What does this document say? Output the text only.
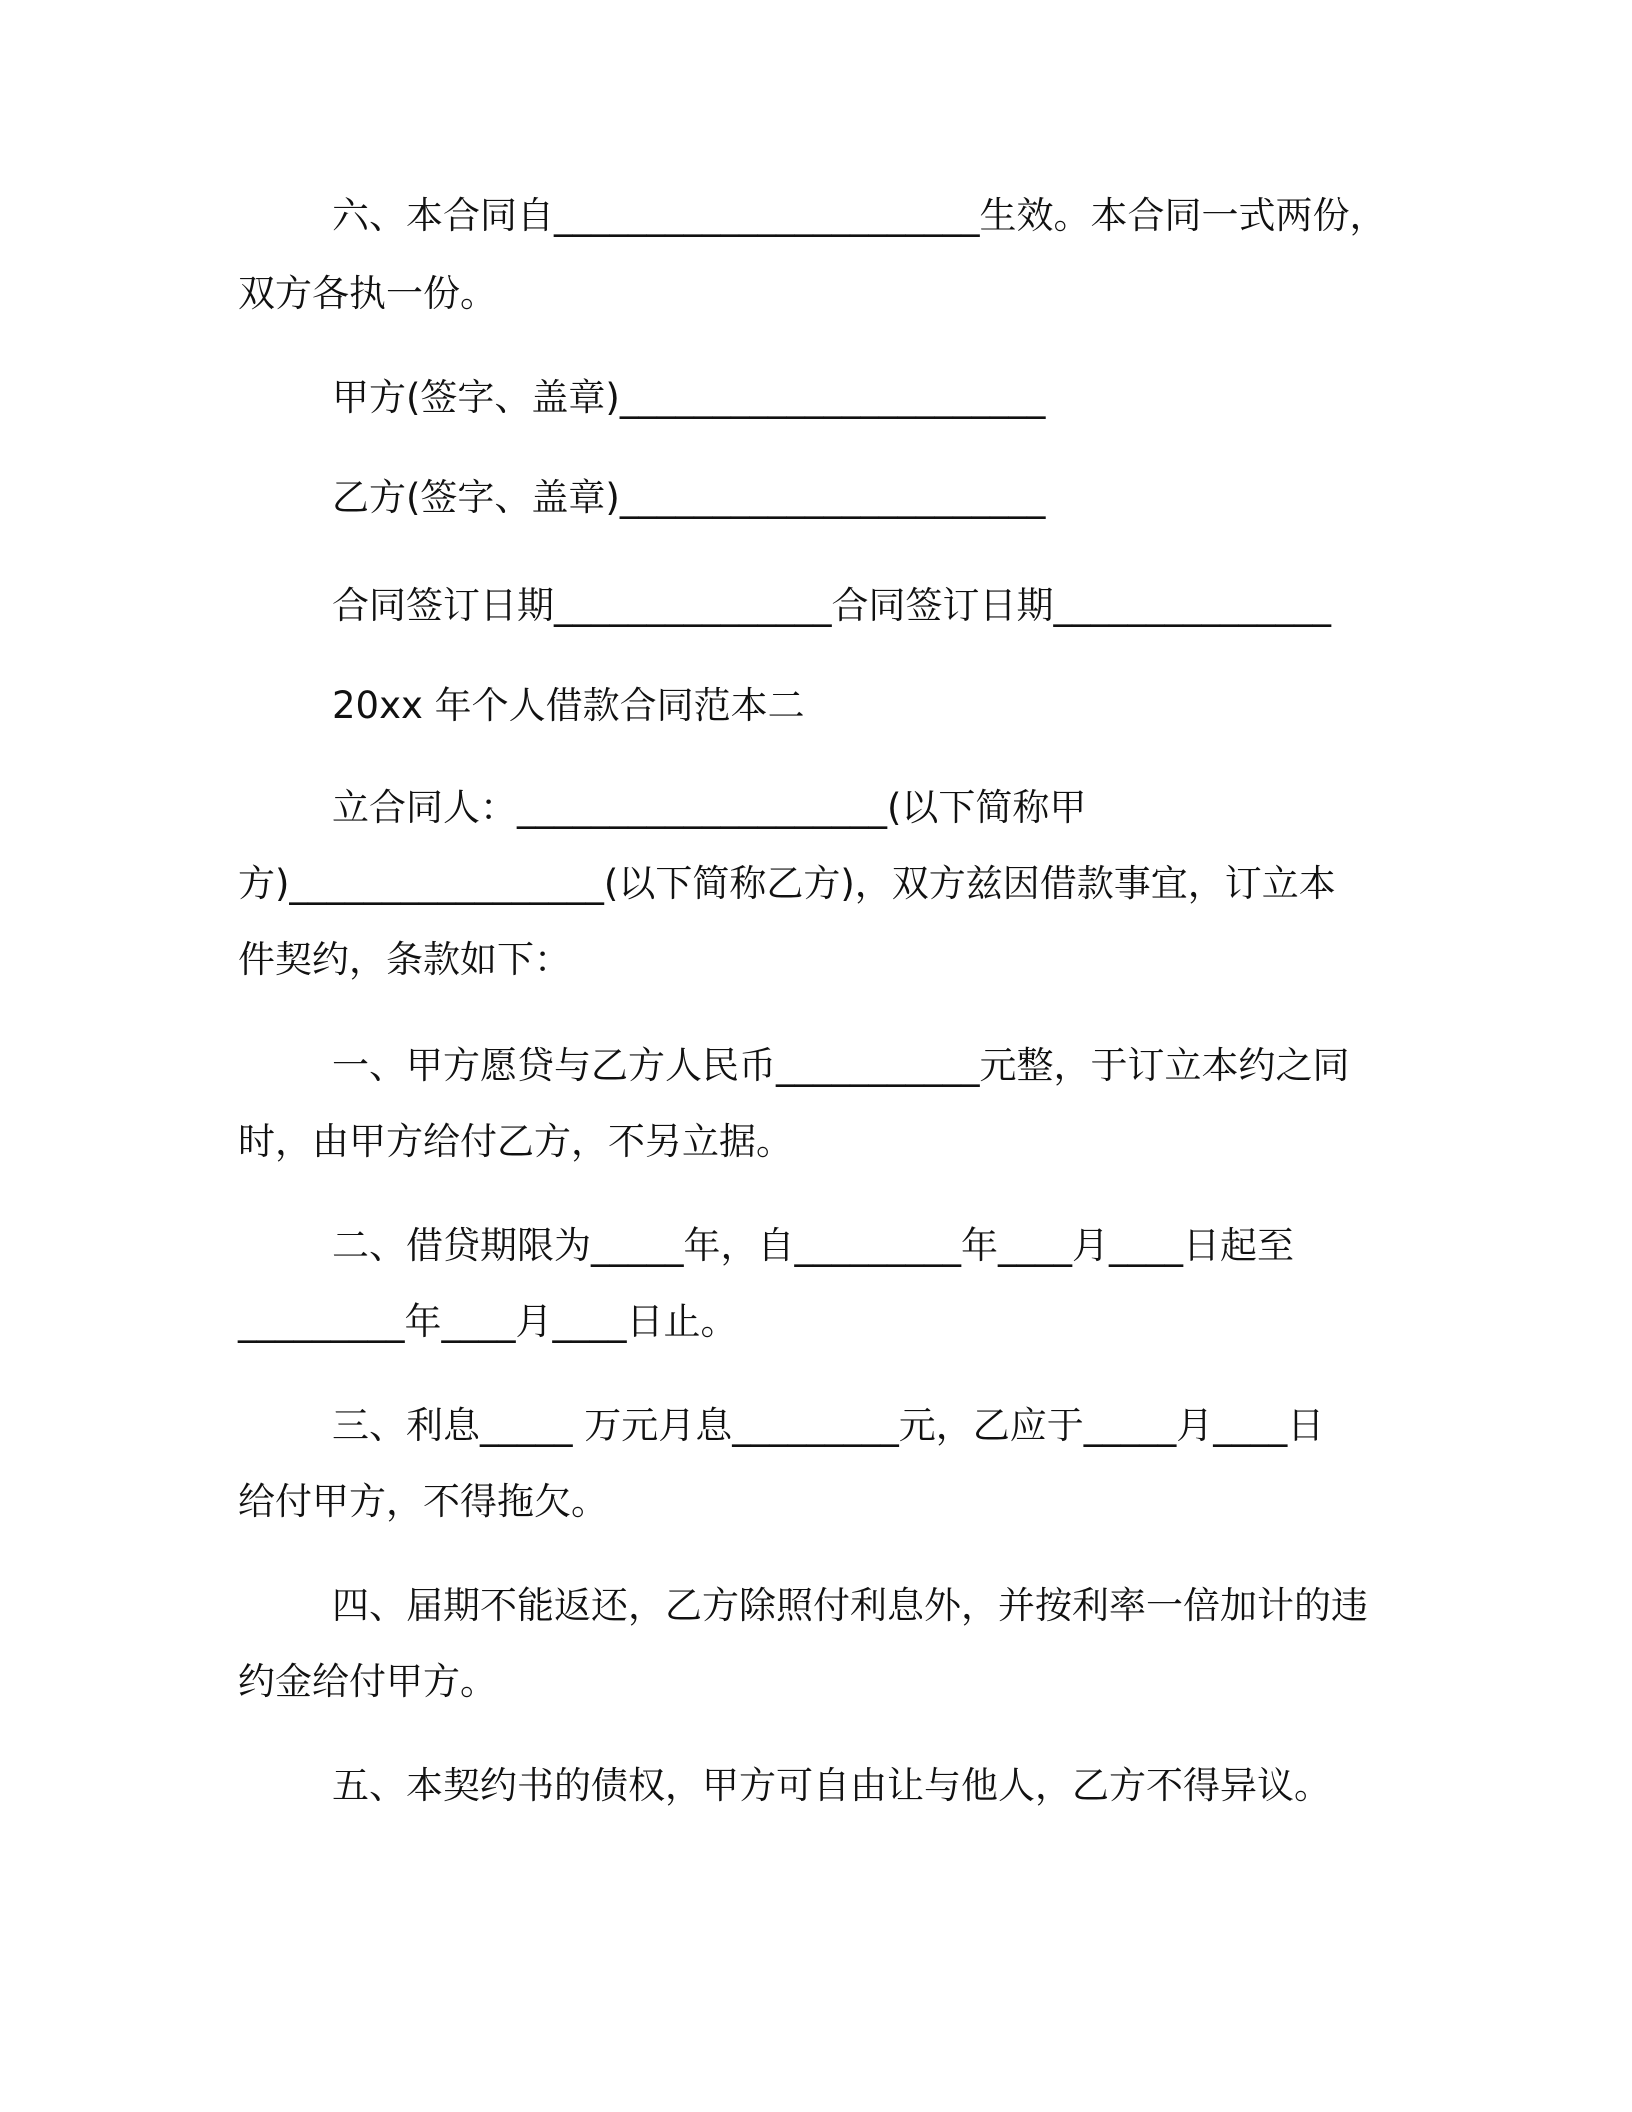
六、本合同自_______________________生效。本合同一式两份，

双方各执一份。

甲方(签字、盖章)_______________________

乙方(签字、盖章)_______________________

合同签订日期_______________合同签订日期_______________

20xx 年个人借款合同范本二

立合同人：____________________(以下简称甲

方)_________________(以下简称乙方)，双方兹因借款事宜，订立本

件契约，条款如下：

一、甲方愿贷与乙方人民币___________元整，于订立本约之同

时，由甲方给付乙方，不另立据。

二、借贷期限为_____年，自_________年____月____日起至

_________年____月____日止。

三、利息_____ 万元月息_________元，乙应于_____月____日

给付甲方，不得拖欠。

四、届期不能返还，乙方除照付利息外，并按利率一倍加计的违

约金给付甲方。

五、本契约书的债权，甲方可自由让与他人，乙方不得异议。
